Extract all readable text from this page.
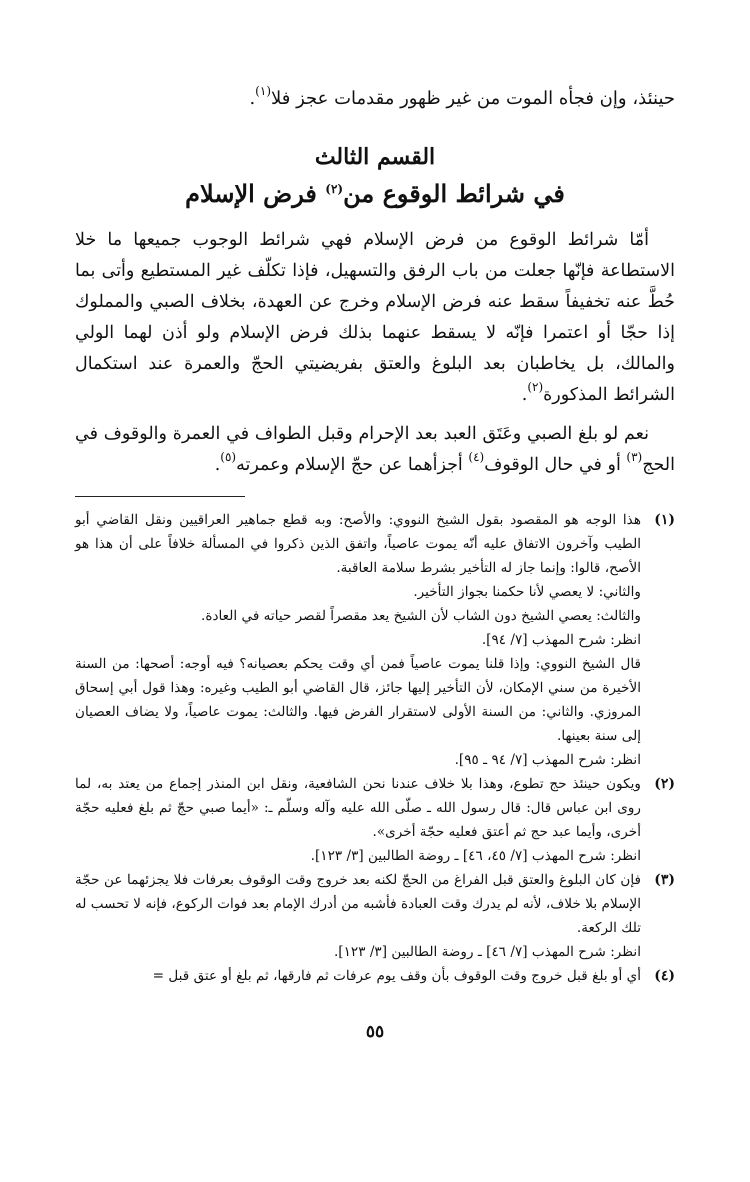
حينئذ، وإن فجأه الموت من غير ظهور مقدمات عجز فلا$^{(١)}$.

القسم الثالث
في شرائط الوقوع من$^{(٢)}$ فرض الإسلام

أمّا شرائط الوقوع من فرض الإسلام فهي شرائط الوجوب جميعها ما خلا الاستطاعة فإنّها جعلت من باب الرفق والتسهيل، فإذا تكلّف غير المستطيع وأتى بما حُطَّ عنه تخفيفاً سقط عنه فرض الإسلام وخرج عن العهدة، بخلاف الصبي والمملوك إذا حجّا أو اعتمرا فإنّه لا يسقط عنهما بذلك فرض الإسلام ولو أذن لهما الولي والمالك، بل يخاطبان بعد البلوغ والعتق بفريضيتي الحجّ والعمرة عند استكمال الشرائط المذكورة$^{(٢)}$.

نعم لو بلغ الصبي وعَتَق العبد بعد الإحرام وقبل الطواف في العمرة والوقوف في الحج$^{(٣)}$ أو في حال الوقوف$^{(٤)}$ أجزأهما عن حجّ الإسلام وعمرته$^{(٥)}$.

(١)

هذا الوجه هو المقصود بقول الشيخ النووي: والأصح: وبه قطع جماهير العراقيين ونقل القاضي أبو الطيب وآخرون الاتفاق عليه أنّه يموت عاصياً، واتفق الذين ذكروا في المسألة خلافاً على أن هذا هو الأصح، قالوا: وإنما جاز له التأخير بشرط سلامة العاقبة.

والثاني: لا يعصي لأنا حكمنا بجواز التأخير.

والثالث: يعصي الشيخ دون الشاب لأن الشيخ يعد مقصراً لقصر حياته في العادة.

انظر: شرح المهذب [٧/ ٩٤].

قال الشيخ النووي: وإذا قلنا يموت عاصياً فمن أي وقت يحكم بعصيانه؟ فيه أوجه: أصحها: من السنة الأخيرة من سني الإمكان، لأن التأخير إليها جائز، قال القاضي أبو الطيب وغيره: وهذا قول أبي إسحاق المروزي. والثاني: من السنة الأولى لاستقرار الفرض فيها. والثالث: يموت عاصياً، ولا يضاف العصيان إلى سنة بعينها.

انظر: شرح المهذب [٧/ ٩٤ ـ ٩٥].

(٢)

ويكون حينئذ حج تطوع، وهذا بلا خلاف عندنا نحن الشافعية، ونقل ابن المنذر إجماع من يعتد به، لما روى ابن عباس قال: قال رسول الله ـ صلّى الله عليه وآله وسلّم ـ: «أيما صبي حجّ ثم بلغ فعليه حجّة أخرى، وأيما عبد حج ثم أعتق فعليه حجّة أخرى».

انظر: شرح المهذب [٧/ ٤٥، ٤٦] ـ روضة الطالبين [٣/ ١٢٣].

(٣)

فإن كان البلوغ والعتق قبل الفراغ من الحجّ لكنه بعد خروج وقت الوقوف بعرفات فلا يجزئهما عن حجّة الإسلام بلا خلاف، لأنه لم يدرك وقت العبادة فأشبه من أدرك الإمام بعد فوات الركوع، فإنه لا تحسب له تلك الركعة.

انظر: شرح المهذب [٧/ ٤٦] ـ روضة الطالبين [٣/ ١٢٣].

(٤)

أي أو بلغ قبل خروج وقت الوقوف بأن وقف يوم عرفات ثم فارقها، ثم بلغ أو عتق قبل =

٥٥
